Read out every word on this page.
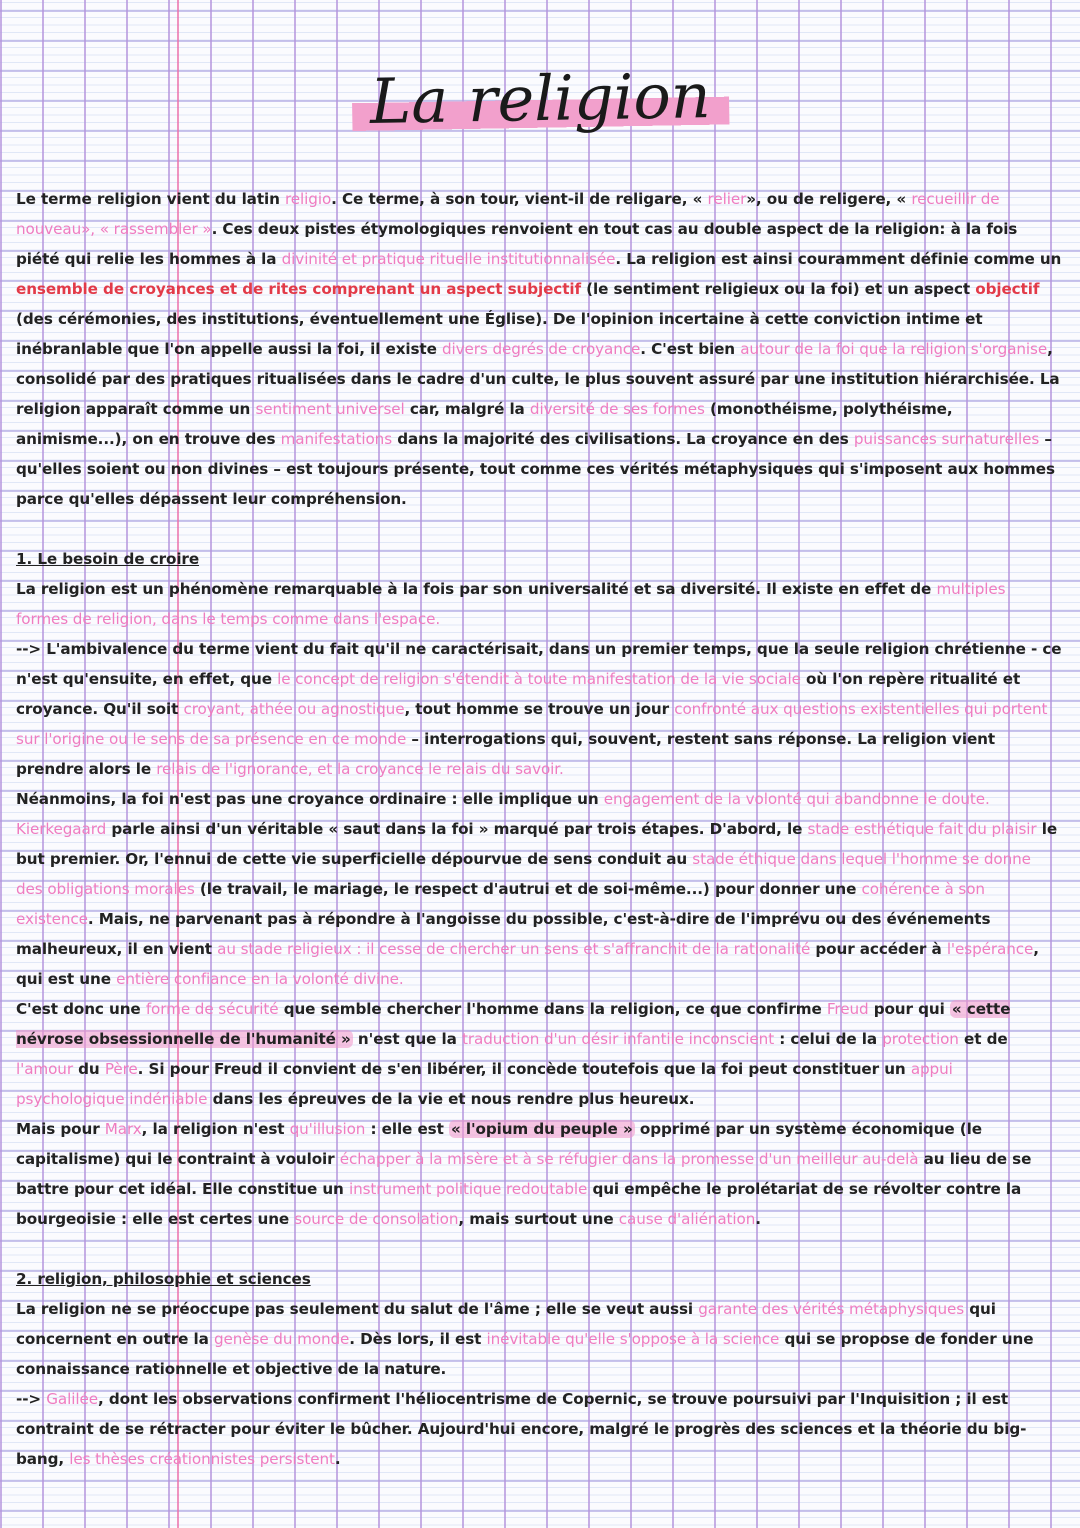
La religion

Le terme religion vient du latin religio. Ce terme, à son tour, vient-il de religare, « relier», ou de religere, « recueillir de nouveau», « rassembler ». Ces deux pistes étymologiques renvoient en tout cas au double aspect de la religion: à la fois piété qui relie les hommes à la divinité et pratique rituelle institutionnalisée. La religion est ainsi couramment définie comme un ensemble de croyances et de rites comprenant un aspect subjectif (le sentiment religieux ou la foi) et un aspect objectif (des cérémonies, des institutions, éventuellement une Église). De l'opinion incertaine à cette conviction intime et inébranlable que l'on appelle aussi la foi, il existe divers degrés de croyance. C'est bien autour de la foi que la religion s'organise, consolidé par des pratiques ritualisées dans le cadre d'un culte, le plus souvent assuré par une institution hiérarchisée. La religion apparaît comme un sentiment universel car, malgré la diversité de ses formes (monothéisme, polythéisme, animisme...), on en trouve des manifestations dans la majorité des civilisations. La croyance en des puissances surnaturelles – qu'elles soient ou non divines – est toujours présente, tout comme ces vérités métaphysiques qui s'imposent aux hommes parce qu'elles dépassent leur compréhension.

1. Le besoin de croire

La religion est un phénomène remarquable à la fois par son universalité et sa diversité. Il existe en effet de multiples formes de religion, dans le temps comme dans l'espace.

--> L'ambivalence du terme vient du fait qu'il ne caractérisait, dans un premier temps, que la seule religion chrétienne - ce n'est qu'ensuite, en effet, que le concept de religion s'étendit à toute manifestation de la vie sociale où l'on repère ritualité et croyance. Qu'il soit croyant, athée ou agnostique, tout homme se trouve un jour confronté aux questions existentielles qui portent sur l'origine ou le sens de sa présence en ce monde – interrogations qui, souvent, restent sans réponse. La religion vient prendre alors le relais de l'ignorance, et la croyance le relais du savoir.

Néanmoins, la foi n'est pas une croyance ordinaire : elle implique un engagement de la volonté qui abandonne le doute. Kierkegaard parle ainsi d'un véritable « saut dans la foi » marqué par trois étapes. D'abord, le stade esthétique fait du plaisir le but premier. Or, l'ennui de cette vie superficielle dépourvue de sens conduit au stade éthique dans lequel l'homme se donne des obligations morales (le travail, le mariage, le respect d'autrui et de soi-même...) pour donner une cohérence à son existence. Mais, ne parvenant pas à répondre à l'angoisse du possible, c'est-à-dire de l'imprévu ou des événements malheureux, il en vient au stade religieux : il cesse de chercher un sens et s'affranchit de la rationalité pour accéder à l'espérance, qui est une entière confiance en la volonté divine.

C'est donc une forme de sécurité que semble chercher l'homme dans la religion, ce que confirme Freud pour qui « cette névrose obsessionnelle de l'humanité » n'est que la traduction d'un désir infantile inconscient : celui de la protection et de l'amour du Père. Si pour Freud il convient de s'en libérer, il concède toutefois que la foi peut constituer un appui psychologique indéniable dans les épreuves de la vie et nous rendre plus heureux.

Mais pour Marx, la religion n'est qu'illusion : elle est « l'opium du peuple » opprimé par un système économique (le capitalisme) qui le contraint à vouloir échapper à la misère et à se réfugier dans la promesse d'un meilleur au-delà au lieu de se battre pour cet idéal. Elle constitue un instrument politique redoutable qui empêche le prolétariat de se révolter contre la bourgeoisie : elle est certes une source de consolation, mais surtout une cause d'aliénation.

2. religion, philosophie et sciences

La religion ne se préoccupe pas seulement du salut de l'âme ; elle se veut aussi garante des vérités métaphysiques qui concernent en outre la genèse du monde. Dès lors, il est inévitable qu'elle s'oppose à la science qui se propose de fonder une connaissance rationnelle et objective de la nature.

--> Galilée, dont les observations confirment l'héliocentrisme de Copernic, se trouve poursuivi par l'Inquisition ; il est contraint de se rétracter pour éviter le bûcher. Aujourd'hui encore, malgré le progrès des sciences et la théorie du big-bang, les thèses créationnistes persistent.
